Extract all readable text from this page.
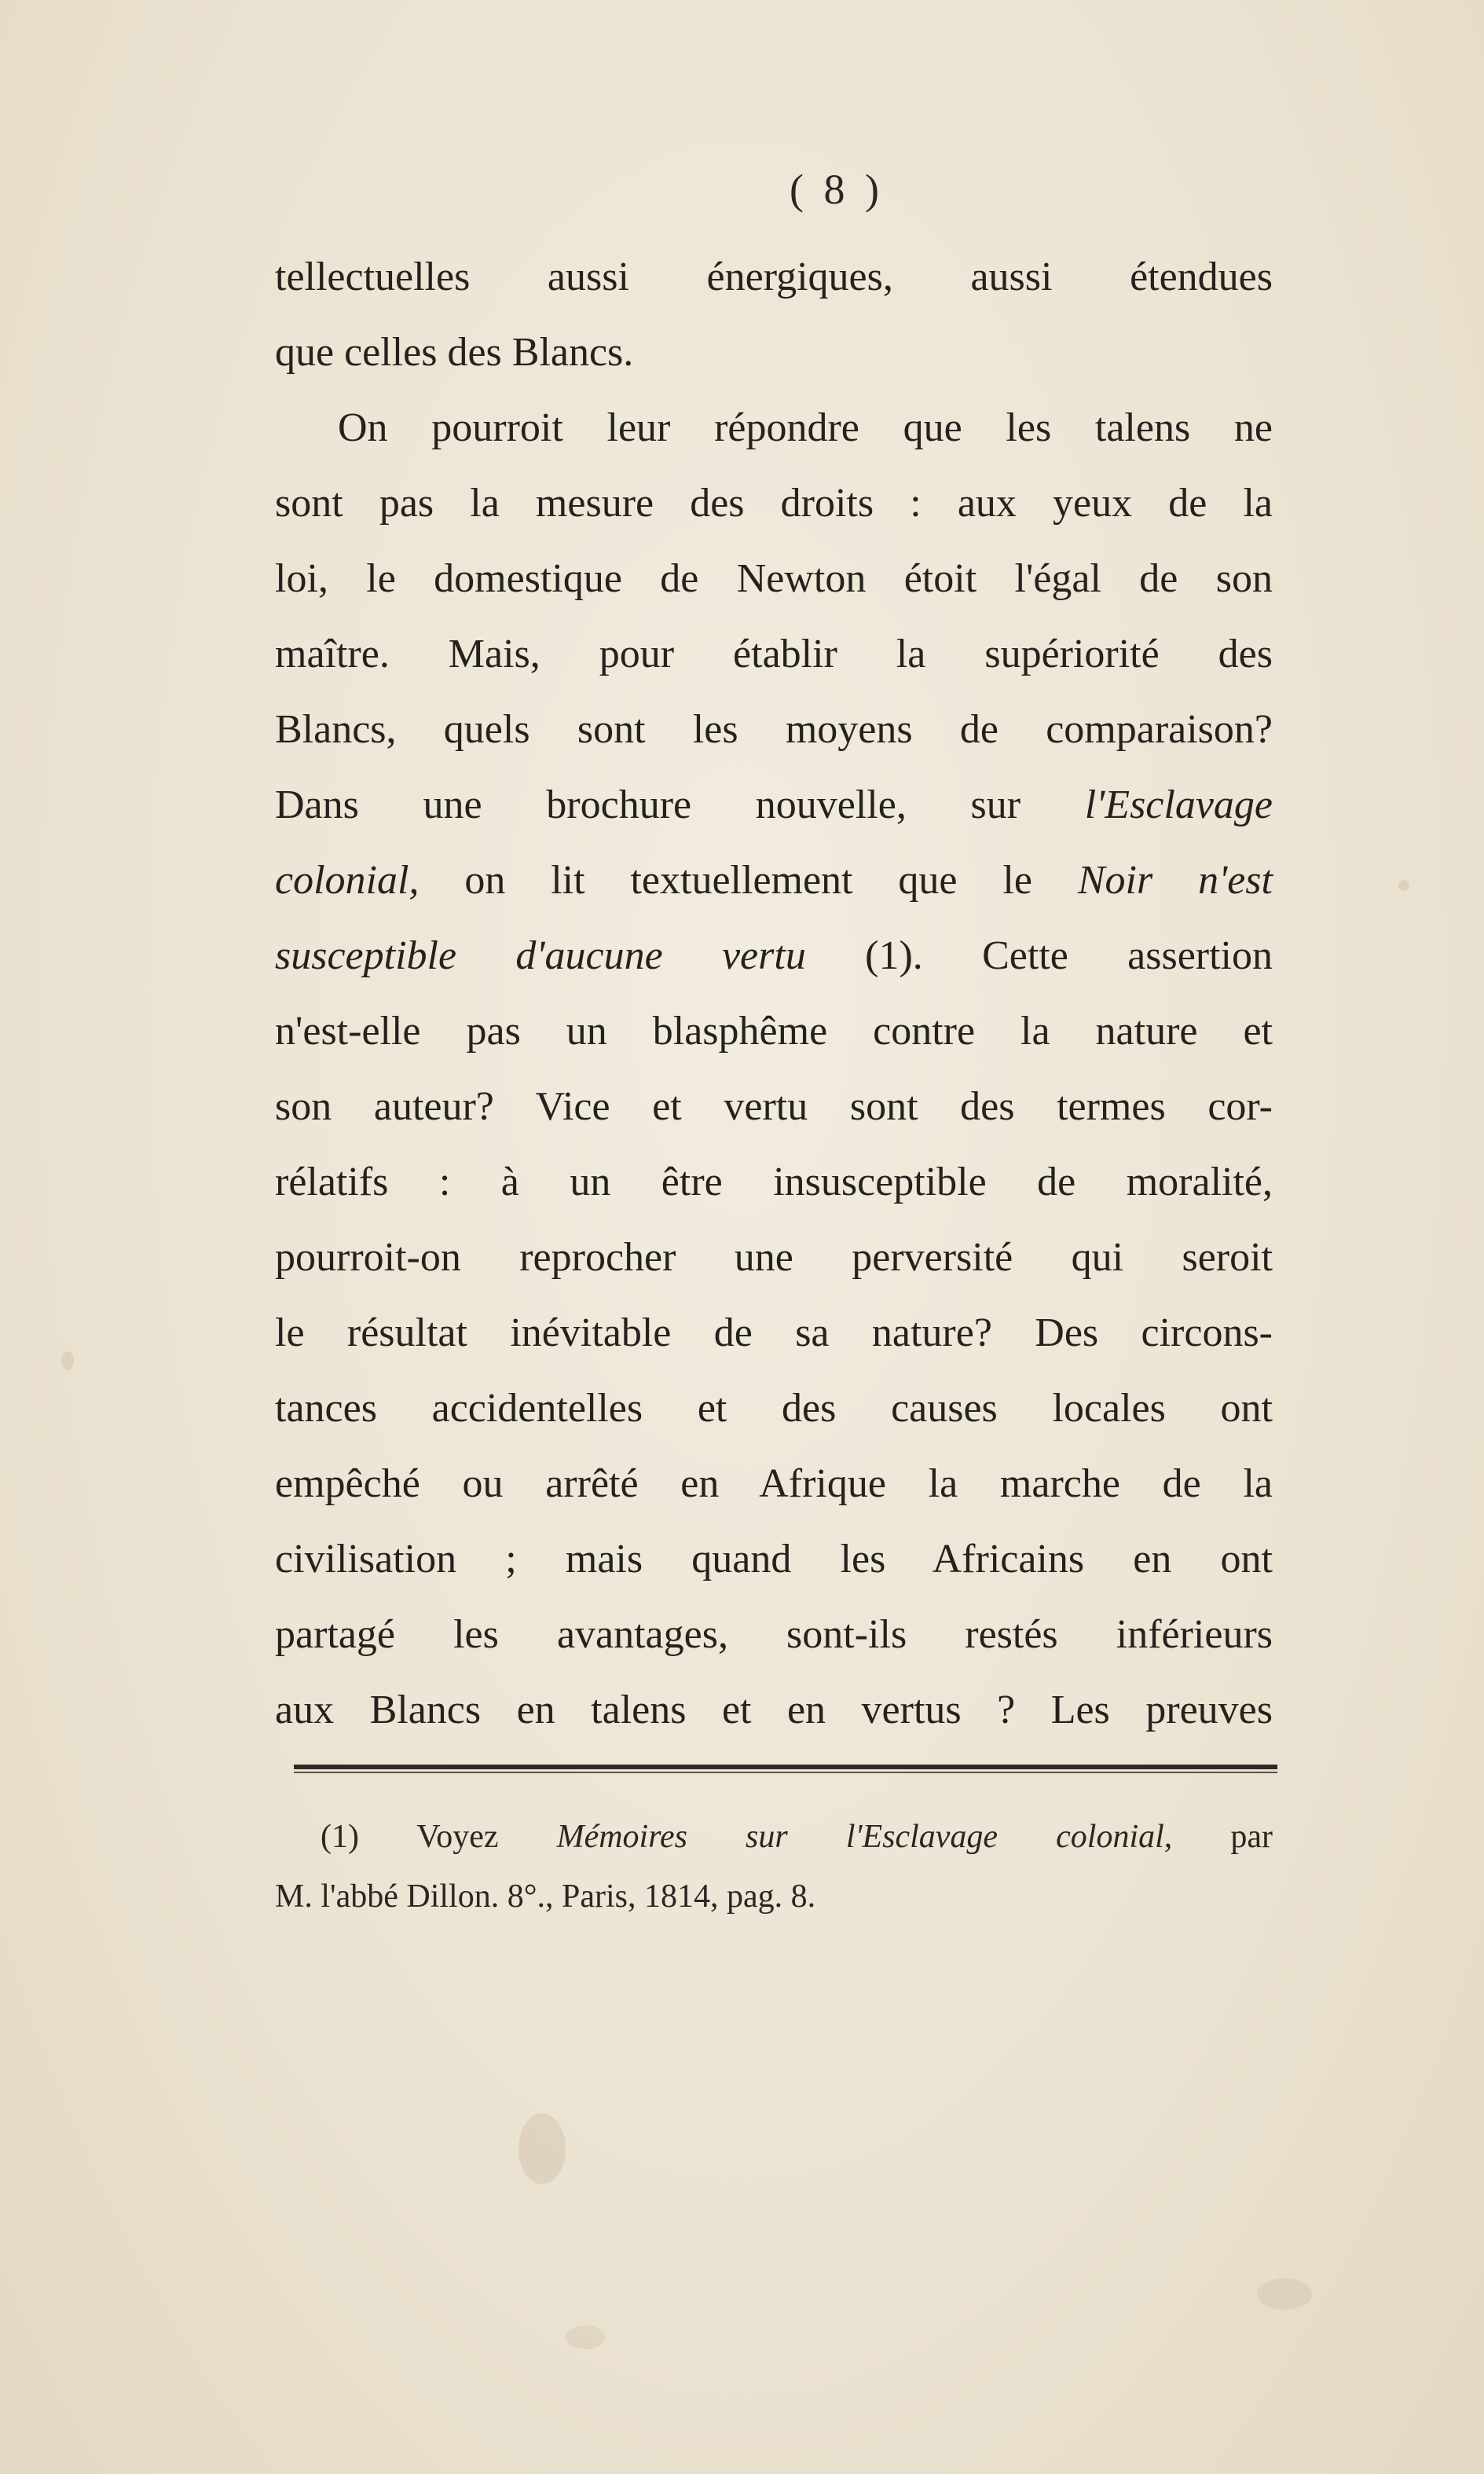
( 8 )
tellectuelles aussi énergiques, aussi étendues
que celles des Blancs.
On pourroit leur répondre que les talens ne
sont pas la mesure des droits : aux yeux de la
loi, le domestique de Newton étoit l'égal de son
maître. Mais, pour établir la supériorité des
Blancs, quels sont les moyens de comparaison?
Dans une brochure nouvelle, sur l'Esclavage
colonial, on lit textuellement que le Noir n'est
susceptible d'aucune vertu (1). Cette assertion
n'est-elle pas un blasphême contre la nature et
son auteur? Vice et vertu sont des termes cor-
rélatifs : à un être insusceptible de moralité,
pourroit-on reprocher une perversité qui seroit
le résultat inévitable de sa nature? Des circons-
tances accidentelles et des causes locales ont
empêché ou arrêté en Afrique la marche de la
civilisation ; mais quand les Africains en ont
partagé les avantages, sont-ils restés inférieurs
aux Blancs en talens et en vertus ? Les preuves
(1) Voyez Mémoires sur l'Esclavage colonial, par
M. l'abbé Dillon. 8°., Paris, 1814, pag. 8.
